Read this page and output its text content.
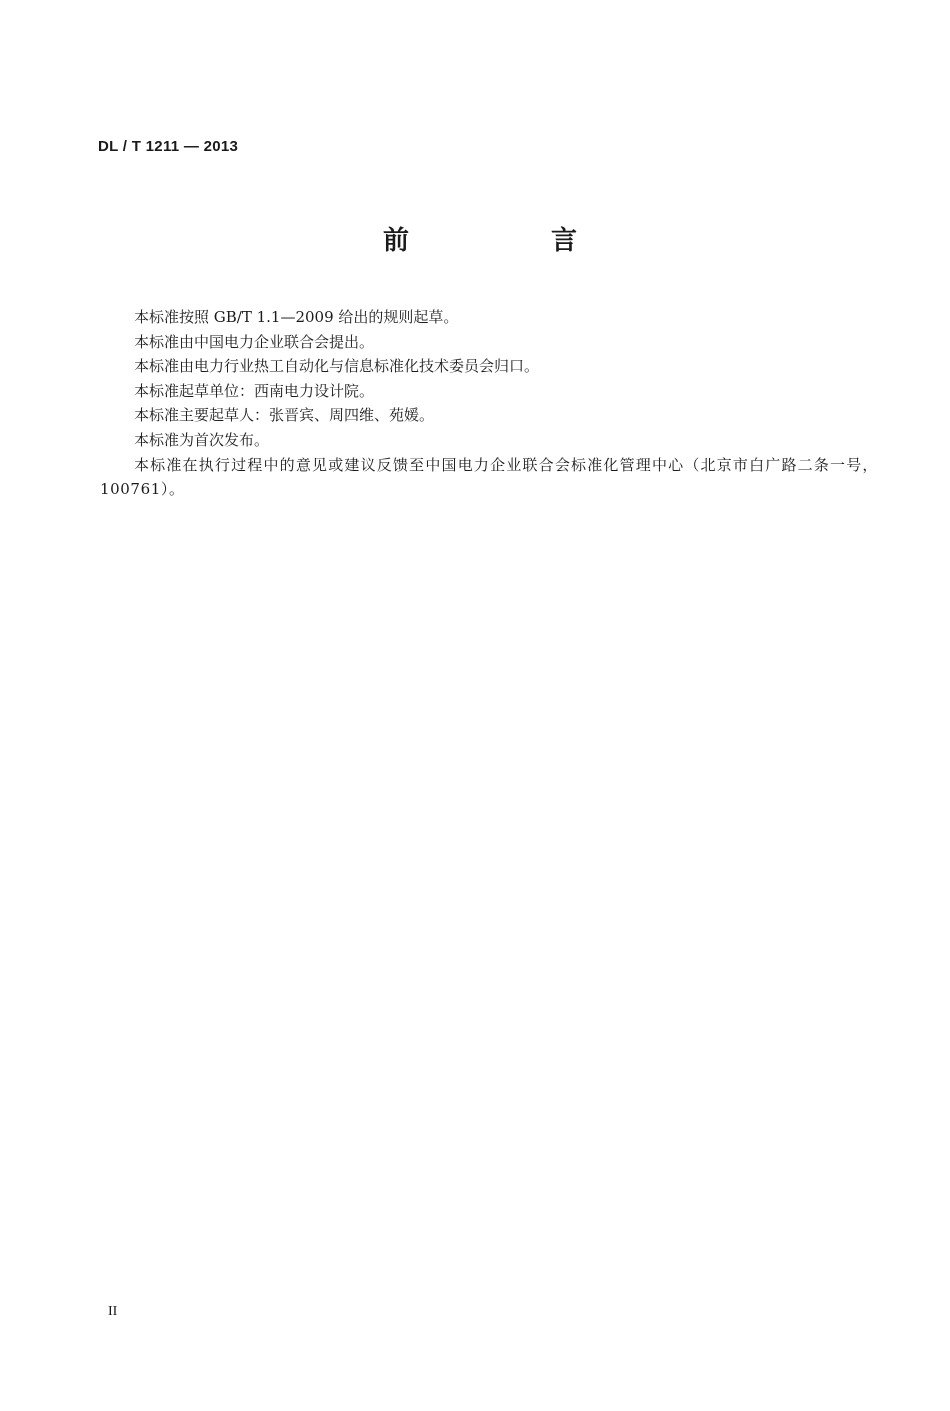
DL / T 1211 — 2013
前　言

本标准按照 GB/T 1.1—2009 给出的规则起草。

本标准由中国电力企业联合会提出。

本标准由电力行业热工自动化与信息标准化技术委员会归口。

本标准起草单位：西南电力设计院。

本标准主要起草人：张晋宾、周四维、苑媛。

本标准为首次发布。

本标准在执行过程中的意见或建议反馈至中国电力企业联合会标准化管理中心（北京市白广路二条一号，100761）。

II
